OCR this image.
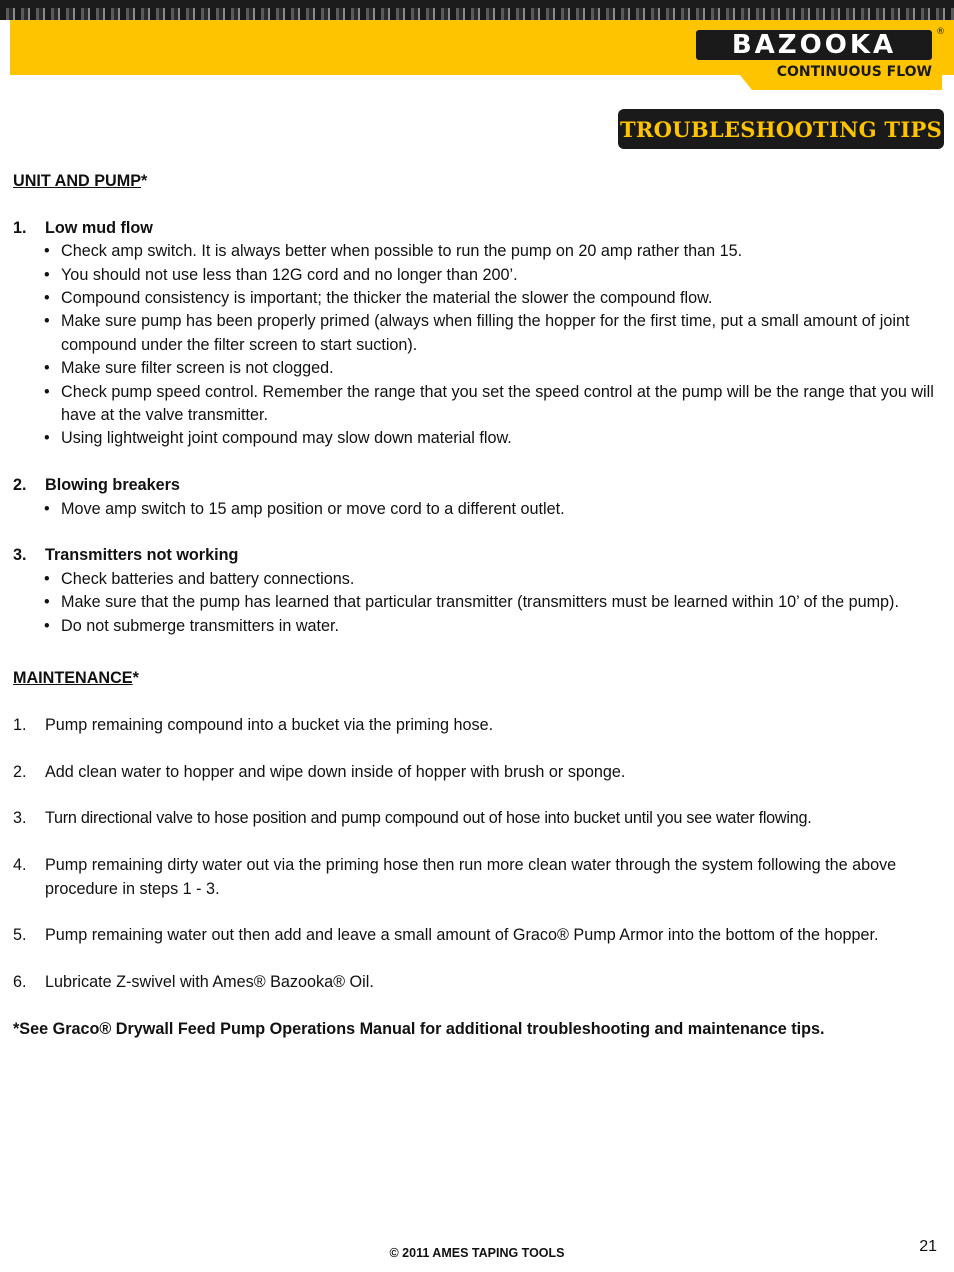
BAZOOKA	®
CONTINUOUS FLOW
TROUBLESHOOTING TIPS
UNIT AND PUMP*
1.	Low mud flow
• Check amp switch. It is always better when possible to run the pump on 20 amp rather than 15.
• You should not use less than 12G cord and no longer than 200’.
• Compound consistency is important; the thicker the material the slower the compound flow.
• Make sure pump has been properly primed (always when filling the hopper for the first time, put a small amount of joint compound under the filter screen to start suction).
• Make sure filter screen is not clogged.
• Check pump speed control. Remember the range that you set the speed control at the pump will be the range that you will have at the valve transmitter.
• Using lightweight joint compound may slow down material flow.
2.	Blowing breakers
• Move amp switch to 15 amp position or move cord to a different outlet.
3.	Transmitters not working
• Check batteries and battery connections.
• Make sure that the pump has learned that particular transmitter (transmitters must be learned within 10’ of the pump).
• Do not submerge transmitters in water.
MAINTENANCE*
1.	Pump remaining compound into a bucket via the priming hose.
2.	Add clean water to hopper and wipe down inside of hopper with brush or sponge.
3.	Turn directional valve to hose position and pump compound out of hose into bucket until you see water flowing.
4.	Pump remaining dirty water out via the priming hose then run more clean water through the system following the above procedure in steps 1 - 3.
5.	Pump remaining water out then add and leave a small amount of Graco® Pump Armor into the bottom of the hopper.
6.	Lubricate Z-swivel with Ames® Bazooka® Oil.
*See Graco® Drywall Feed Pump Operations Manual for additional troubleshooting and maintenance tips.
© 2011 AMES TAPING TOOLS	21
